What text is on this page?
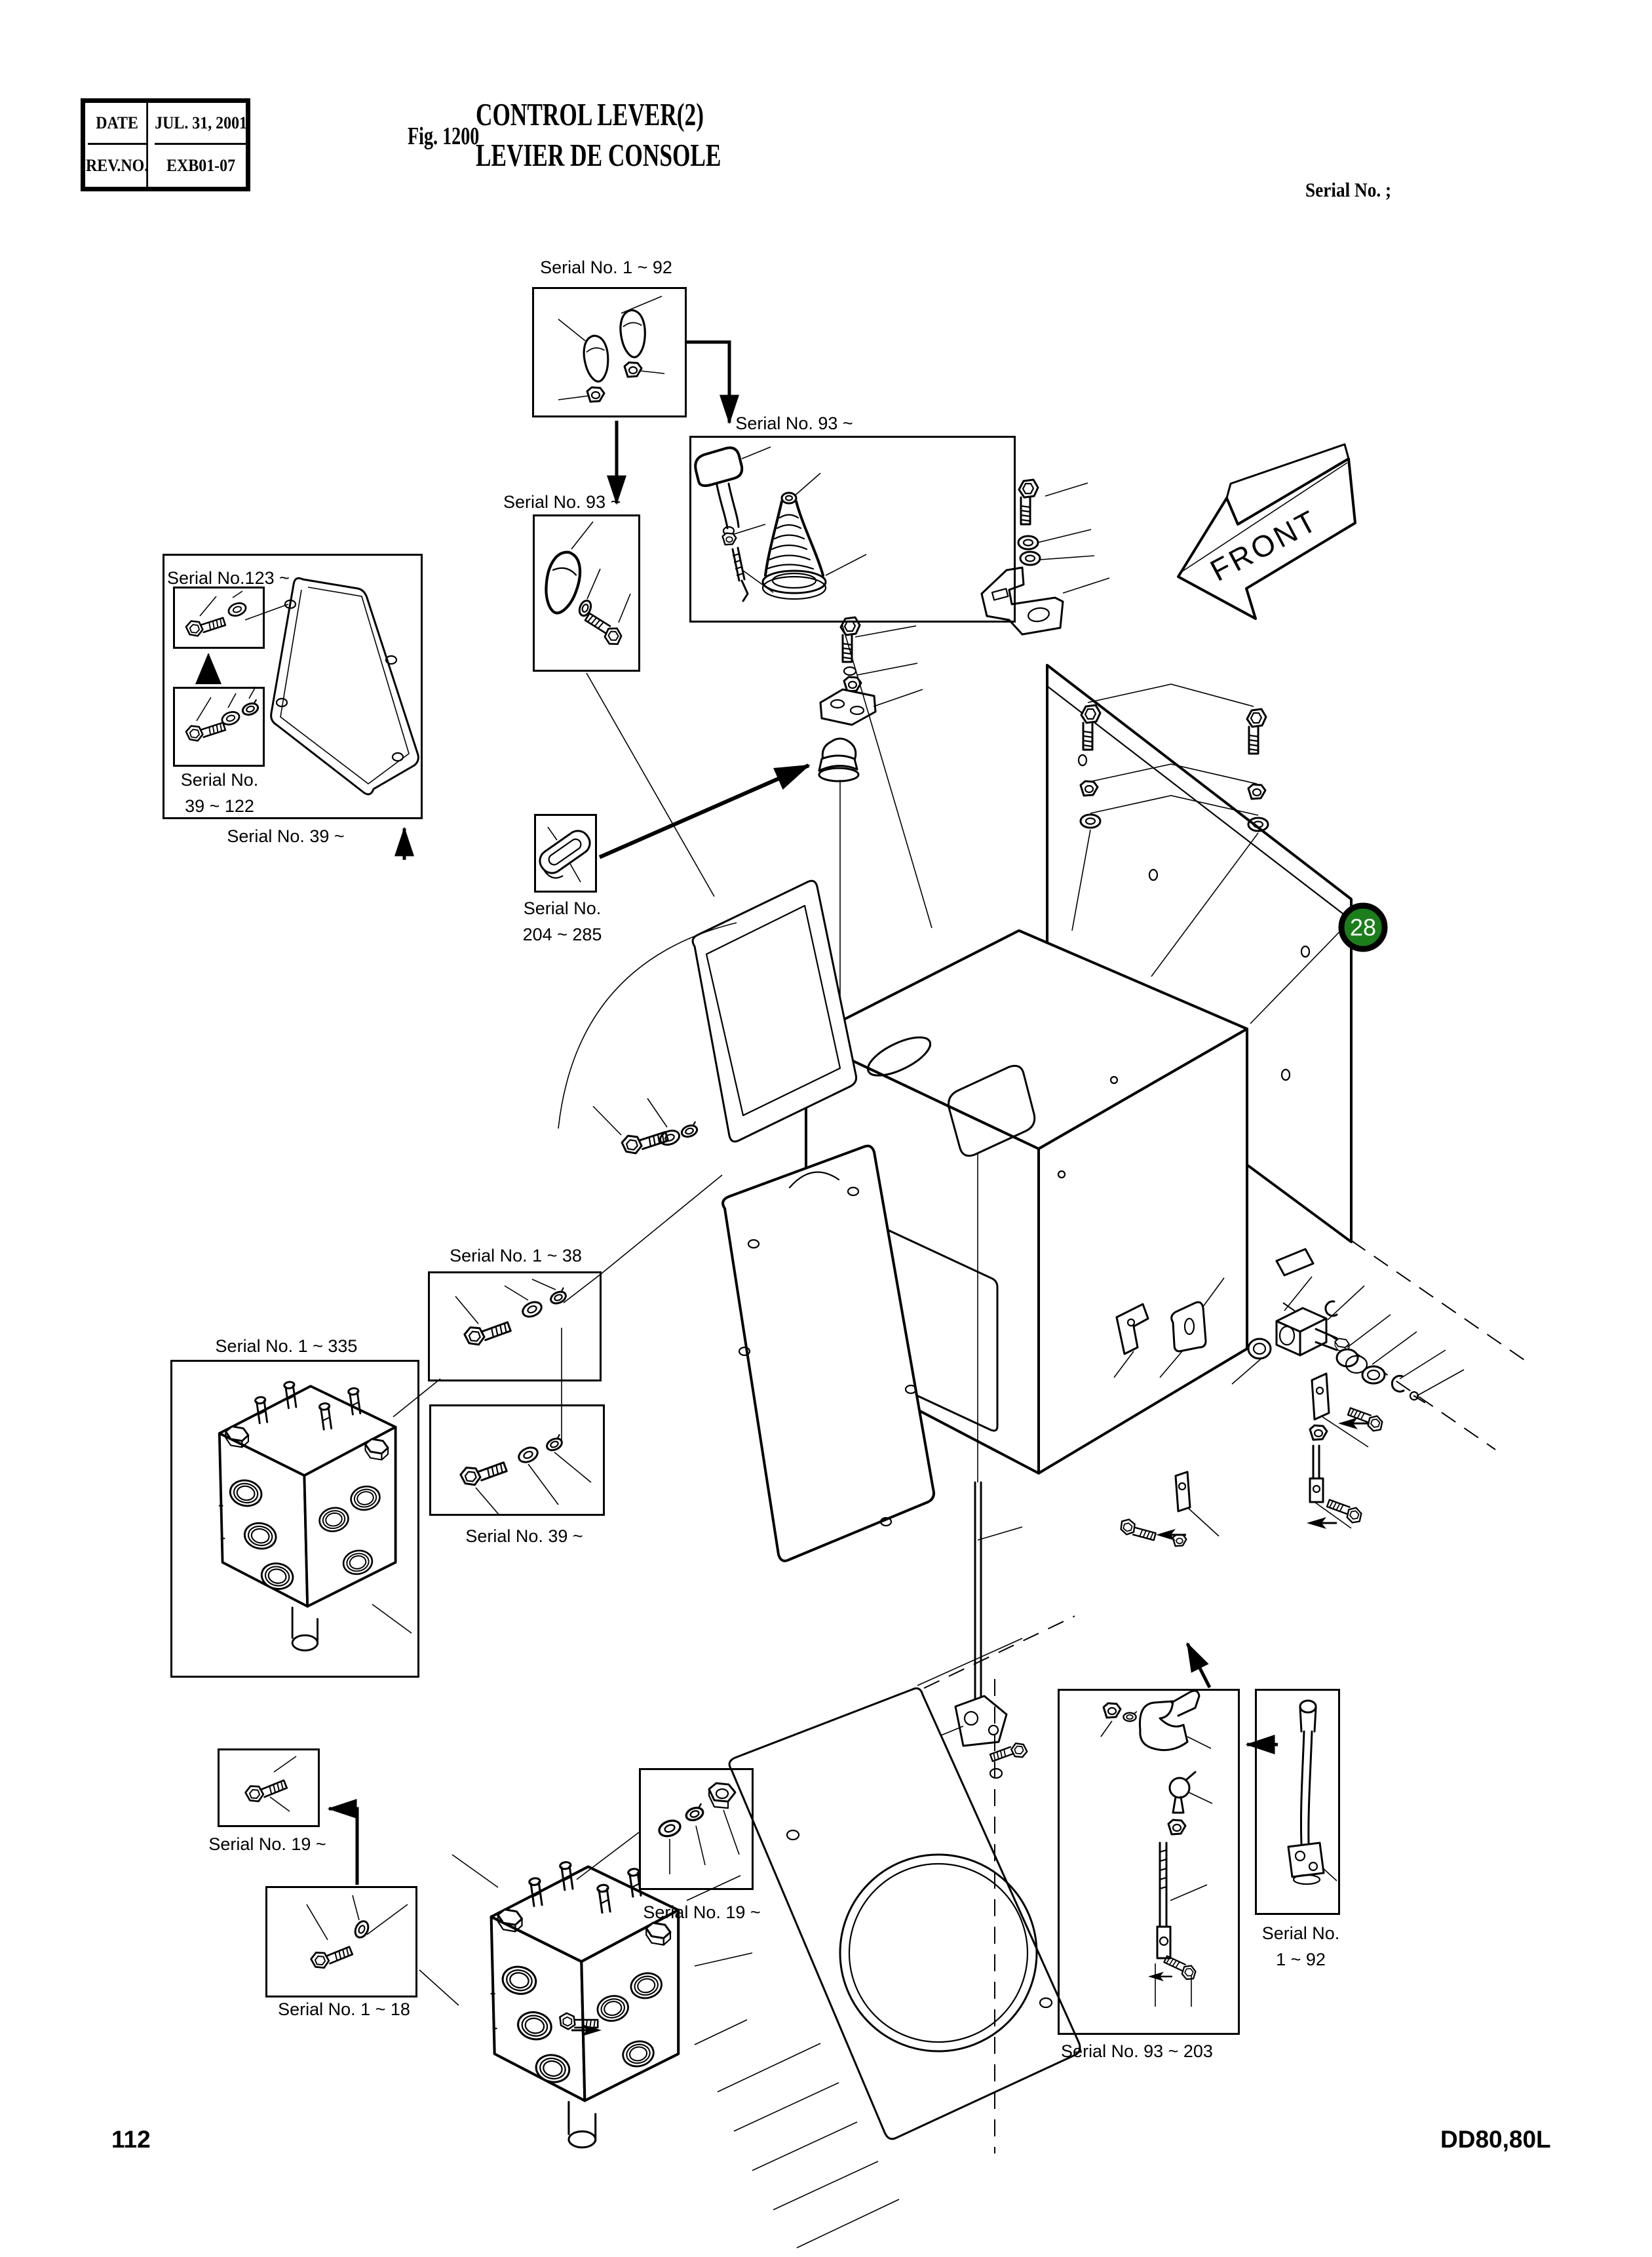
DATE JUL. 31, 2001
REV.NO.	EXB01-07
Fig. 1200
CONTROL LEVER(2)
LEVIER DE CONSOLE
Serial No. ;
FRONT
28
Serial No. 1 ~ 92
Serial No. 93 ~
Serial No. 93 ~
Serial No.123 ~
Serial No.
39 ~ 122
Serial No. 39 ~
Serial No.
204 ~ 285
Serial No. 1 ~ 38
Serial No. 39 ~
Serial No. 1 ~ 335
Serial No. 19 ~
Serial No. 1 ~ 18
Serial No. 19 ~
Serial No. 93 ~ 203
Serial No.
1 ~ 92
112	DD80,80L
